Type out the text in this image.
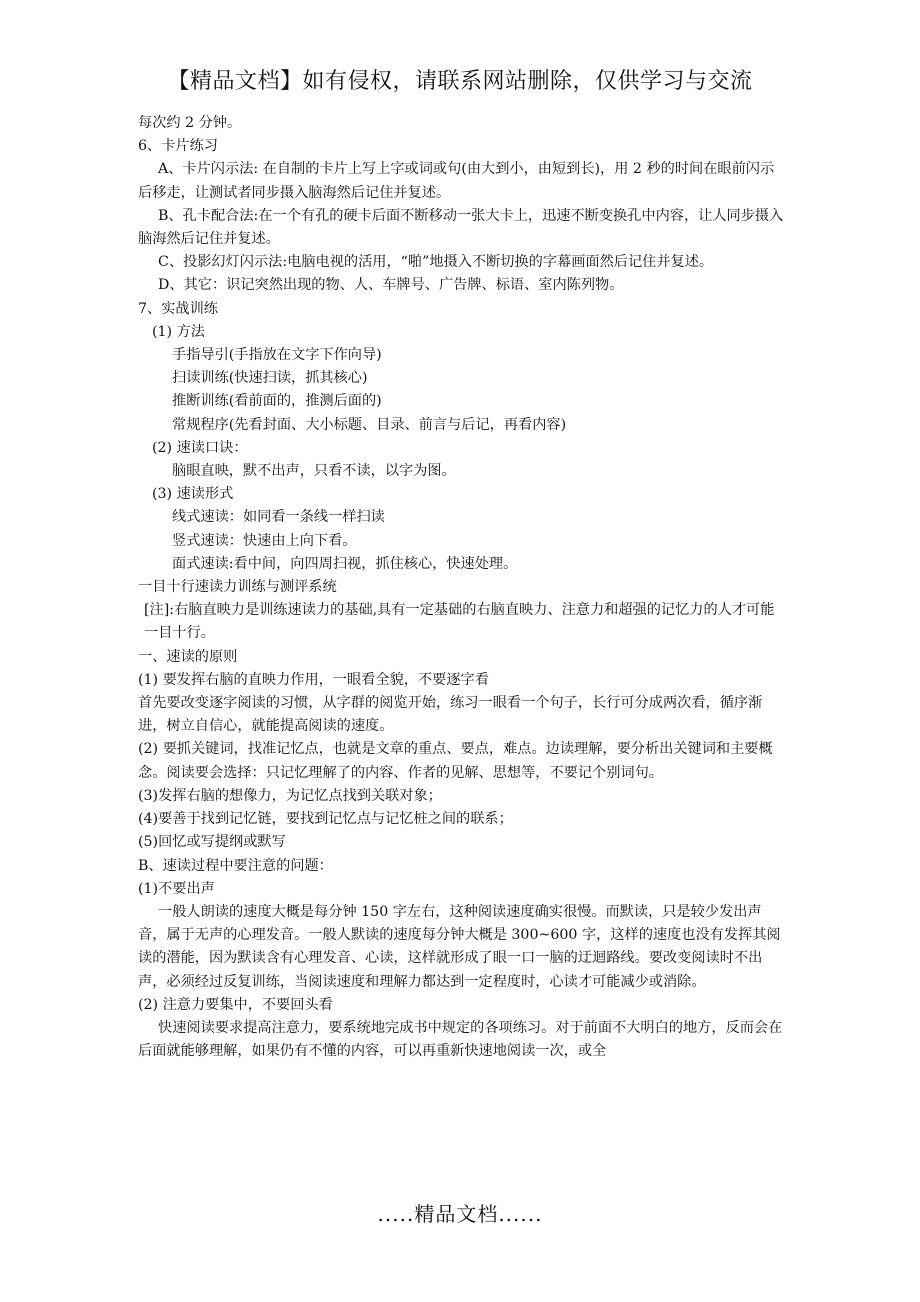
【精品文档】如有侵权，请联系网站删除，仅供学习与交流

每次约 2 分钟。

6、卡片练习

A、卡片闪示法: 在自制的卡片上写上字或词或句(由大到小，由短到长)，用 2 秒的时间在眼前闪示后移走，让测试者同步摄入脑海然后记住并复述。

B、孔卡配合法:在一个有孔的硬卡后面不断移动一张大卡上，迅速不断变换孔中内容，让人同步摄入脑海然后记住并复述。

C、投影幻灯闪示法:电脑电视的活用，“啪”地摄入不断切换的字幕画面然后记住并复述。

D、其它：识记突然出现的物、人、车牌号、广告牌、标语、室内陈列物。

7、实战训练

(1) 方法

手指导引(手指放在文字下作向导)

扫读训练(快速扫读，抓其核心)

推断训练(看前面的，推测后面的)

常规程序(先看封面、大小标题、目录、前言与后记，再看内容)

(2) 速读口诀：

脑眼直映，默不出声，只看不读，以字为图。

(3) 速读形式

线式速读：如同看一条线一样扫读

竖式速读：快速由上向下看。

面式速读:看中间，向四周扫视，抓住核心，快速处理。

一目十行速读力训练与测评系统

[注]:右脑直映力是训练速读力的基础,具有一定基础的右脑直映力、注意力和超强的记忆力的人才可能一目十行。

一、速读的原则

(1) 要发挥右脑的直映力作用，一眼看全貌，不要逐字看

首先要改变逐字阅读的习惯，从字群的阅览开始，练习一眼看一个句子，长行可分成两次看，循序渐进，树立自信心，就能提高阅读的速度。

(2) 要抓关键词，找准记忆点，也就是文章的重点、要点，难点。边读理解，要分析出关键词和主要概念。阅读要会选择：只记忆理解了的内容、作者的见解、思想等，不要记个别词句。

(3)发挥右脑的想像力，为记忆点找到关联对象；

(4)要善于找到记忆链，要找到记忆点与记忆桩之间的联系；

(5)回忆或写提纲或默写

B、速读过程中要注意的问题：

(1)不要出声

一般人朗读的速度大概是每分钟 150 字左右，这种阅读速度确实很慢。而默读，只是较少发出声音，属于无声的心理发音。一般人默读的速度每分钟大概是 300~600 字，这样的速度也没有发挥其阅读的潜能，因为默读含有心理发音、心读，这样就形成了眼一口一脑的迂迴路线。要改变阅读时不出声，必须经过反复训练，当阅读速度和理解力都达到一定程度时，心读才可能减少或消除。

(2) 注意力要集中，不要回头看

快速阅读要求提高注意力，要系统地完成书中规定的各项练习。对于前面不大明白的地方，反而会在后面就能够理解，如果仍有不懂的内容，可以再重新快速地阅读一次，或全

.....精品文档......
